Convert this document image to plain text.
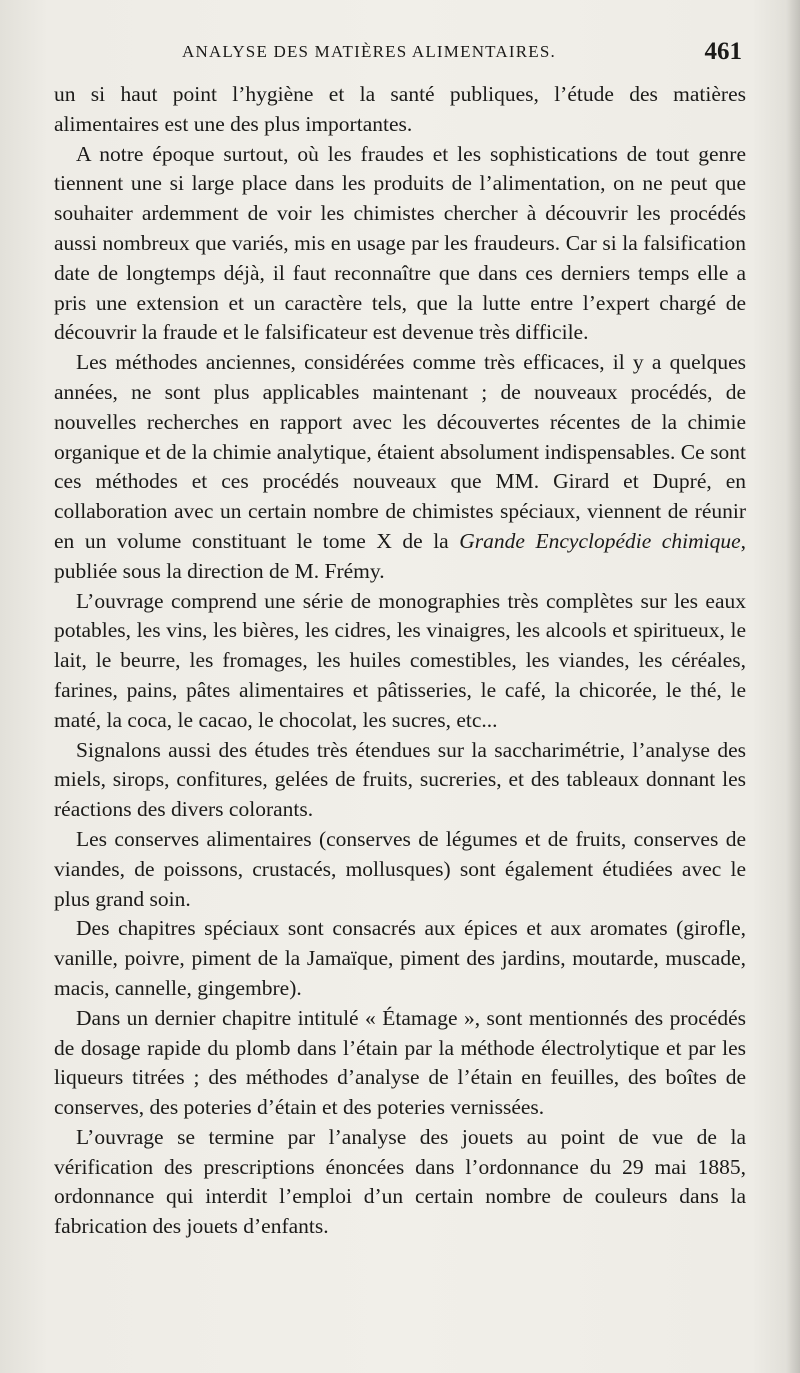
ANALYSE DES MATIÈRES ALIMENTAIRES.	461

un si haut point l’hygiène et la santé publiques, l’étude des matières alimentaires est une des plus importantes.

A notre époque surtout, où les fraudes et les sophistications de tout genre tiennent une si large place dans les produits de l’alimentation, on ne peut que souhaiter ardemment de voir les chimistes chercher à découvrir les procédés aussi nombreux que variés, mis en usage par les fraudeurs. Car si la falsification date de longtemps déjà, il faut reconnaître que dans ces derniers temps elle a pris une extension et un caractère tels, que la lutte entre l’expert chargé de découvrir la fraude et le falsificateur est devenue très difficile.

Les méthodes anciennes, considérées comme très efficaces, il y a quelques années, ne sont plus applicables maintenant ; de nouveaux procédés, de nouvelles recherches en rapport avec les découvertes récentes de la chimie organique et de la chimie analytique, étaient absolument indispensables. Ce sont ces méthodes et ces procédés nouveaux que MM. Girard et Dupré, en collaboration avec un certain nombre de chimistes spéciaux, viennent de réunir en un volume constituant le tome X de la Grande Encyclopédie chimique, publiée sous la direction de M. Frémy.

L’ouvrage comprend une série de monographies très complètes sur les eaux potables, les vins, les bières, les cidres, les vinaigres, les alcools et spiritueux, le lait, le beurre, les fromages, les huiles comestibles, les viandes, les céréales, farines, pains, pâtes alimentaires et pâtisseries, le café, la chicorée, le thé, le maté, la coca, le cacao, le chocolat, les sucres, etc...

Signalons aussi des études très étendues sur la saccharimétrie, l’analyse des miels, sirops, confitures, gelées de fruits, sucreries, et des tableaux donnant les réactions des divers colorants.

Les conserves alimentaires (conserves de légumes et de fruits, conserves de viandes, de poissons, crustacés, mollusques) sont également étudiées avec le plus grand soin.

Des chapitres spéciaux sont consacrés aux épices et aux aromates (girofle, vanille, poivre, piment de la Jamaïque, piment des jardins, moutarde, muscade, macis, cannelle, gingembre).

Dans un dernier chapitre intitulé « Étamage », sont mentionnés des procédés de dosage rapide du plomb dans l’étain par la méthode électrolytique et par les liqueurs titrées ; des méthodes d’analyse de l’étain en feuilles, des boîtes de conserves, des poteries d’étain et des poteries vernissées.

L’ouvrage se termine par l’analyse des jouets au point de vue de la vérification des prescriptions énoncées dans l’ordonnance du 29 mai 1885, ordonnance qui interdit l’emploi d’un certain nombre de couleurs dans la fabrication des jouets d’enfants.
